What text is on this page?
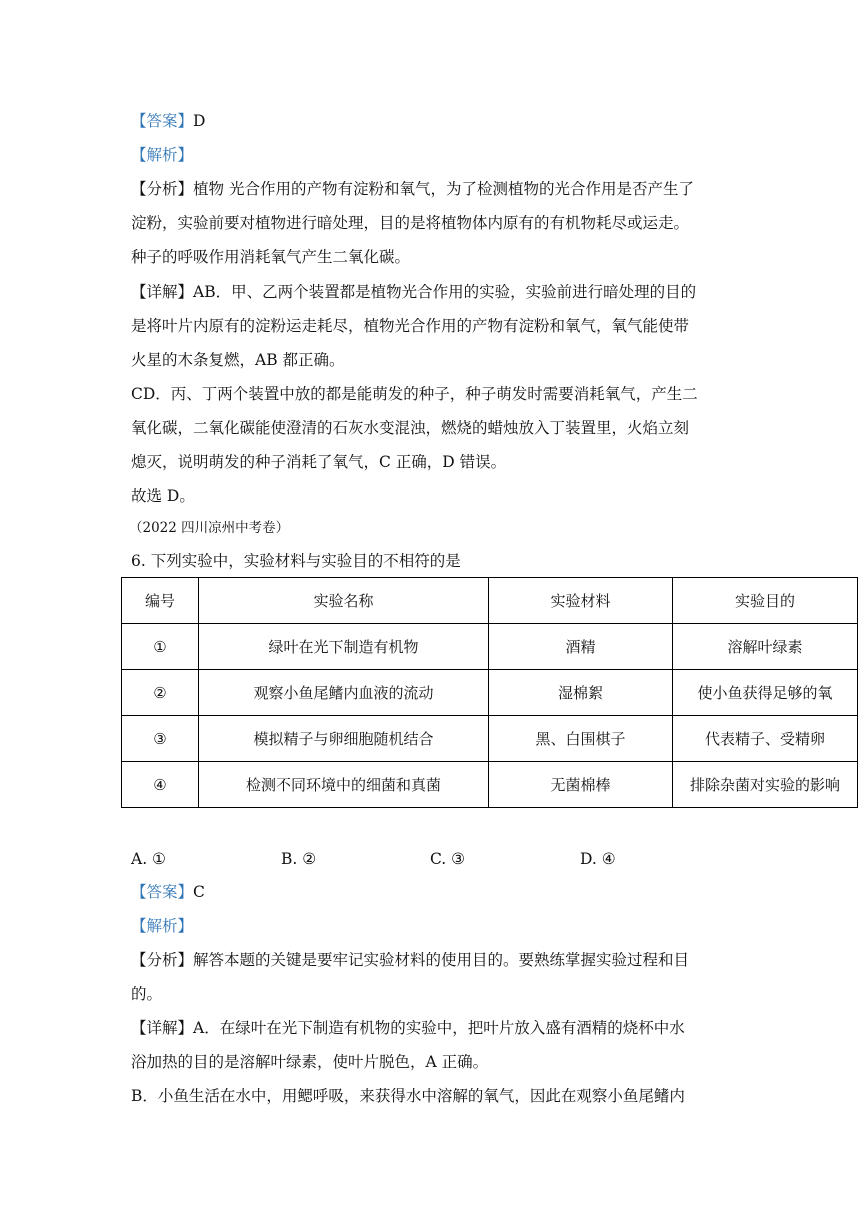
【答案】D
【解析】
【分析】植物 光合作用的产物有淀粉和氧气，为了检测植物的光合作用是否产生了
淀粉，实验前要对植物进行暗处理，目的是将植物体内原有的有机物耗尽或运走。
种子的呼吸作用消耗氧气产生二氧化碳。
【详解】AB．甲、乙两个装置都是植物光合作用的实验，实验前进行暗处理的目的
是将叶片内原有的淀粉运走耗尽，植物光合作用的产物有淀粉和氧气，氧气能使带
火星的木条复燃，AB 都正确。
CD．丙、丁两个装置中放的都是能萌发的种子，种子萌发时需要消耗氧气，产生二
氧化碳，二氧化碳能使澄清的石灰水变混浊，燃烧的蜡烛放入丁装置里，火焰立刻
熄灭，说明萌发的种子消耗了氧气，C 正确，D 错误。
故选 D。
（2022 四川凉州中考卷）
6. 下列实验中，实验材料与实验目的不相符的是
编号	实验名称	实验材料	实验目的
①	绿叶在光下制造有机物	酒精	溶解叶绿素
②	观察小鱼尾鳍内血液的流动	湿棉絮	使小鱼获得足够的氧
③	模拟精子与卵细胞随机结合	黑、白围棋子	代表精子、受精卵
④	检测不同环境中的细菌和真菌	无菌棉棒	排除杂菌对实验的影响
A. ①	B. ②	C. ③	D. ④
【答案】C
【解析】
【分析】解答本题的关键是要牢记实验材料的使用目的。要熟练掌握实验过程和目
的。
【详解】A．在绿叶在光下制造有机物的实验中，把叶片放入盛有酒精的烧杯中水
浴加热的目的是溶解叶绿素，使叶片脱色，A 正确。
B．小鱼生活在水中，用鳃呼吸，来获得水中溶解的氧气，因此在观察小鱼尾鳍内
